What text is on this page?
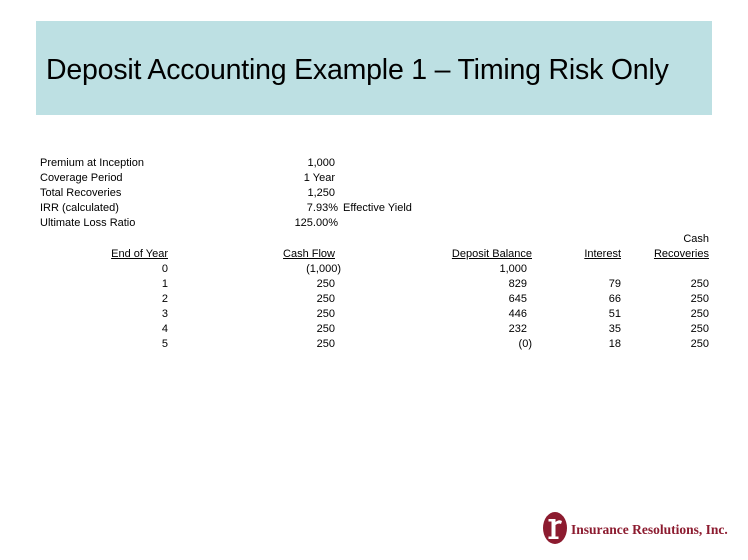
Deposit Accounting Example 1 – Timing Risk Only
Premium at Inception	1,000
Coverage Period	1 Year
Total Recoveries	1,250
IRR (calculated)	7.93% Effective Yield
Ultimate Loss Ratio	125.00%
Cash
End of Year	Cash Flow	Deposit Balance	Interest	Recoveries
0	(1,000)	1,000
1	250	829	79	250
2	250	645	66	250
3	250	446	51	250
4	250	232	35	250
5	250	(0)	18	250
Insurance Resolutions, Inc.
